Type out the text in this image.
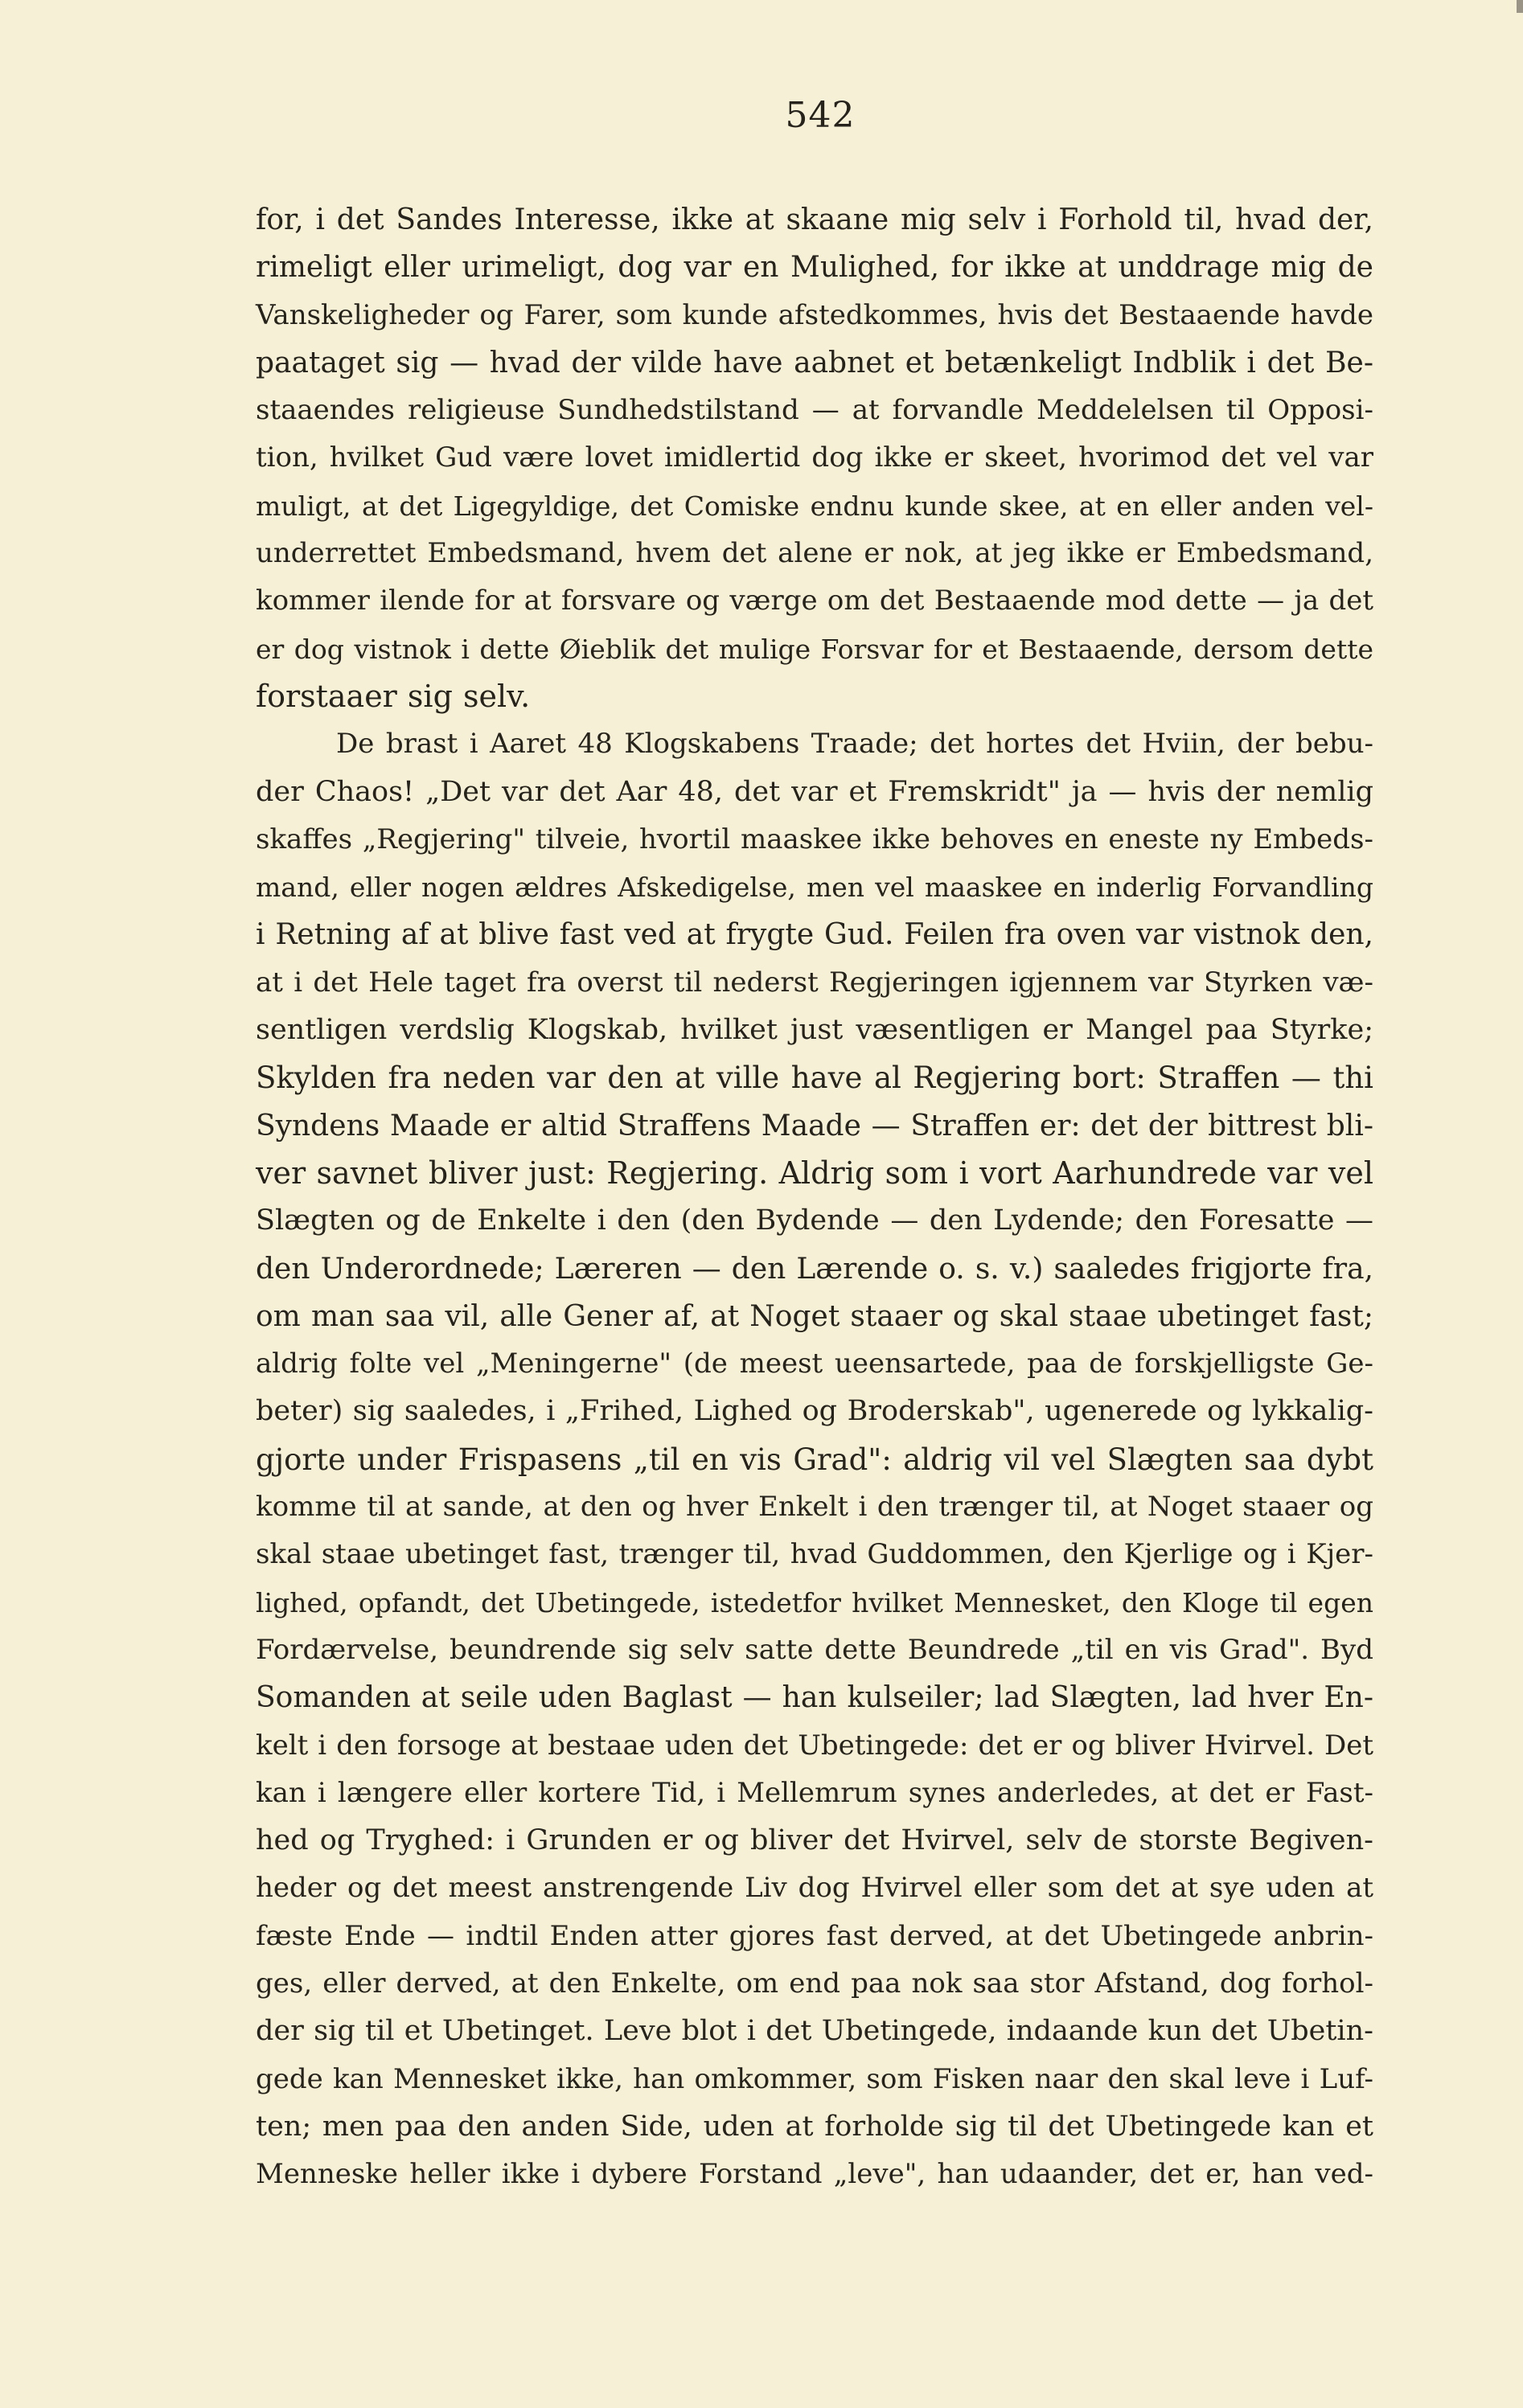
542
for, i det Sandes Interesse, ikke at skaane mig selv i Forhold til, hvad der,
rimeligt eller urimeligt, dog var en Mulighed, for ikke at unddrage mig de
Vanskeligheder og Farer, som kunde afstedkommes, hvis det Bestaaende havde
paataget sig — hvad der vilde have aabnet et betænkeligt Indblik i det Be-
staaendes religieuse Sundhedstilstand — at forvandle Meddelelsen til Opposi-
tion, hvilket Gud være lovet imidlertid dog ikke er skeet, hvorimod det vel var
muligt, at det Ligegyldige, det Comiske endnu kunde skee, at en eller anden vel-
underrettet Embedsmand, hvem det alene er nok, at jeg ikke er Embedsmand,
kommer ilende for at forsvare og værge om det Bestaaende mod dette — ja det
er dog vistnok i dette Øieblik det mulige Forsvar for et Bestaaende, dersom dette
forstaaer sig selv.
De brast i Aaret 48 Klogskabens Traade; det hortes det Hviin, der bebu-
der Chaos! „Det var det Aar 48, det var et Fremskridt" ja — hvis der nemlig
skaffes „Regjering" tilveie, hvortil maaskee ikke behoves en eneste ny Embeds-
mand, eller nogen ældres Afskedigelse, men vel maaskee en inderlig Forvandling
i Retning af at blive fast ved at frygte Gud. Feilen fra oven var vistnok den,
at i det Hele taget fra overst til nederst Regjeringen igjennem var Styrken væ-
sentligen verdslig Klogskab, hvilket just væsentligen er Mangel paa Styrke;
Skylden fra neden var den at ville have al Regjering bort: Straffen — thi
Syndens Maade er altid Straffens Maade — Straffen er: det der bittrest bli-
ver savnet bliver just: Regjering. Aldrig som i vort Aarhundrede var vel
Slægten og de Enkelte i den (den Bydende — den Lydende; den Foresatte —
den Underordnede; Læreren — den Lærende o. s. v.) saaledes frigjorte fra,
om man saa vil, alle Gener af, at Noget staaer og skal staae ubetinget fast;
aldrig folte vel „Meningerne" (de meest ueensartede, paa de forskjelligste Ge-
beter) sig saaledes, i „Frihed, Lighed og Broderskab", ugenerede og lykkalig-
gjorte under Frispasens „til en vis Grad": aldrig vil vel Slægten saa dybt
komme til at sande, at den og hver Enkelt i den trænger til, at Noget staaer og
skal staae ubetinget fast, trænger til, hvad Guddommen, den Kjerlige og i Kjer-
lighed, opfandt, det Ubetingede, istedetfor hvilket Mennesket, den Kloge til egen
Fordærvelse, beundrende sig selv satte dette Beundrede „til en vis Grad". Byd
Somanden at seile uden Baglast — han kulseiler; lad Slægten, lad hver En-
kelt i den forsoge at bestaae uden det Ubetingede: det er og bliver Hvirvel. Det
kan i længere eller kortere Tid, i Mellemrum synes anderledes, at det er Fast-
hed og Tryghed: i Grunden er og bliver det Hvirvel, selv de storste Begiven-
heder og det meest anstrengende Liv dog Hvirvel eller som det at sye uden at
fæste Ende — indtil Enden atter gjores fast derved, at det Ubetingede anbrin-
ges, eller derved, at den Enkelte, om end paa nok saa stor Afstand, dog forhol-
der sig til et Ubetinget. Leve blot i det Ubetingede, indaande kun det Ubetin-
gede kan Mennesket ikke, han omkommer, som Fisken naar den skal leve i Luf-
ten; men paa den anden Side, uden at forholde sig til det Ubetingede kan et
Menneske heller ikke i dybere Forstand „leve", han udaander, det er, han ved-
